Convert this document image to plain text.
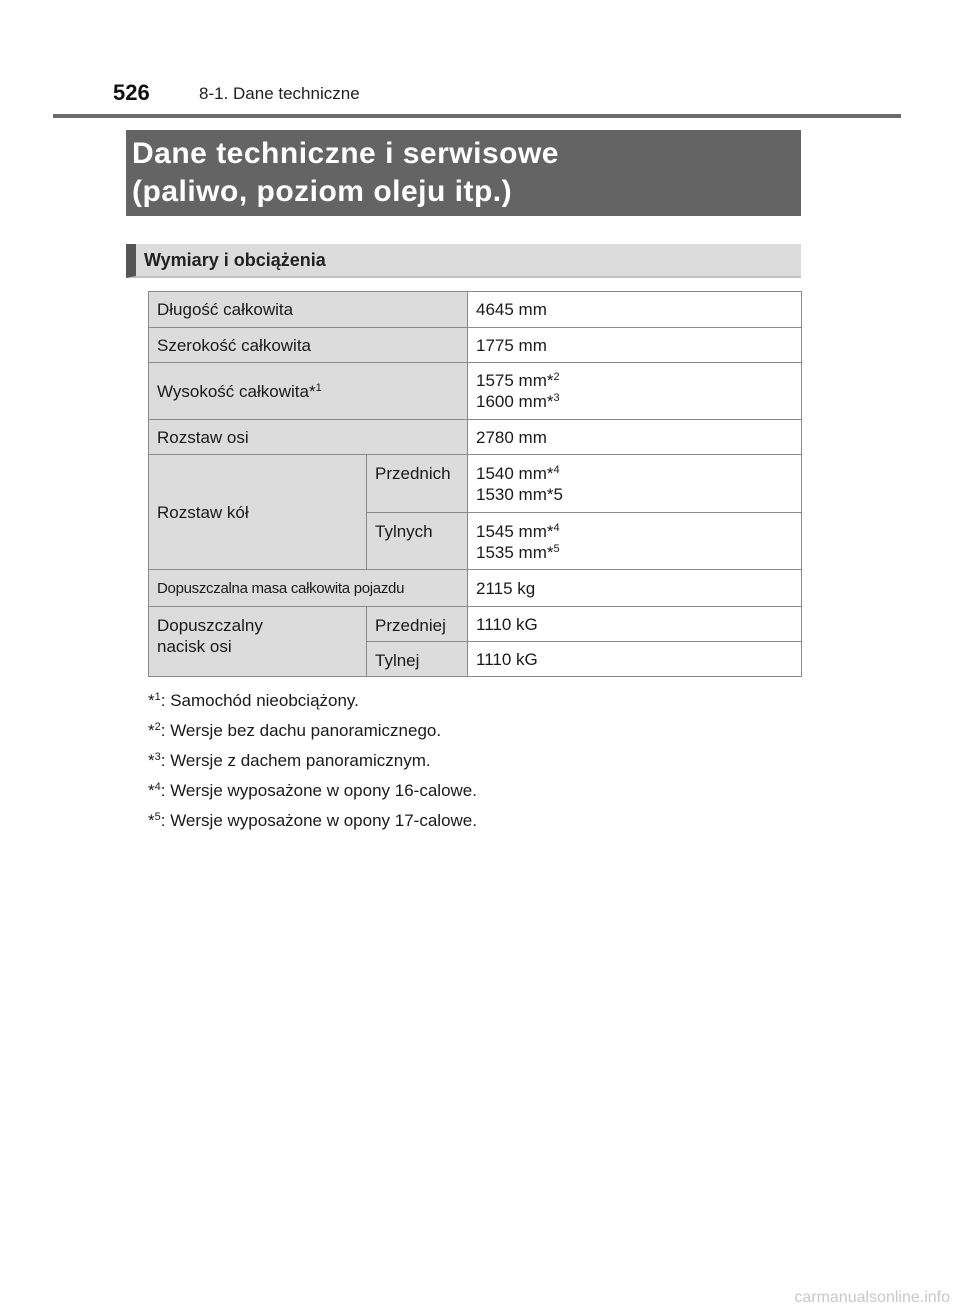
526	8-1. Dane techniczne
Dane techniczne i serwisowe
(paliwo, poziom oleju itp.)
Wymiary i obciążenia
Długość całkowita		4645 mm
Szerokość całkowita		1775 mm
Wysokość całkowita*$^1$		1575 mm*$^2$
1600 mm*$^3$
Rozstaw osi		2780 mm
Rozstaw kół	Przednich	1540 mm*$^4$
1530 mm*5
	Tylnych	1545 mm*$^4$
1535 mm*$^5$
Dopuszczalna masa całkowita pojazdu		2115 kg
Dopuszczalny
nacisk osi	Przedniej	1110 kG
	Tylnej	1110 kG
*$^1$: Samochód nieobciążony.
*$^2$: Wersje bez dachu panoramicznego.
*$^3$: Wersje z dachem panoramicznym.
*$^4$: Wersje wyposażone w opony 16-calowe.
*$^5$: Wersje wyposażone w opony 17-calowe.
carmanualsonline.info
